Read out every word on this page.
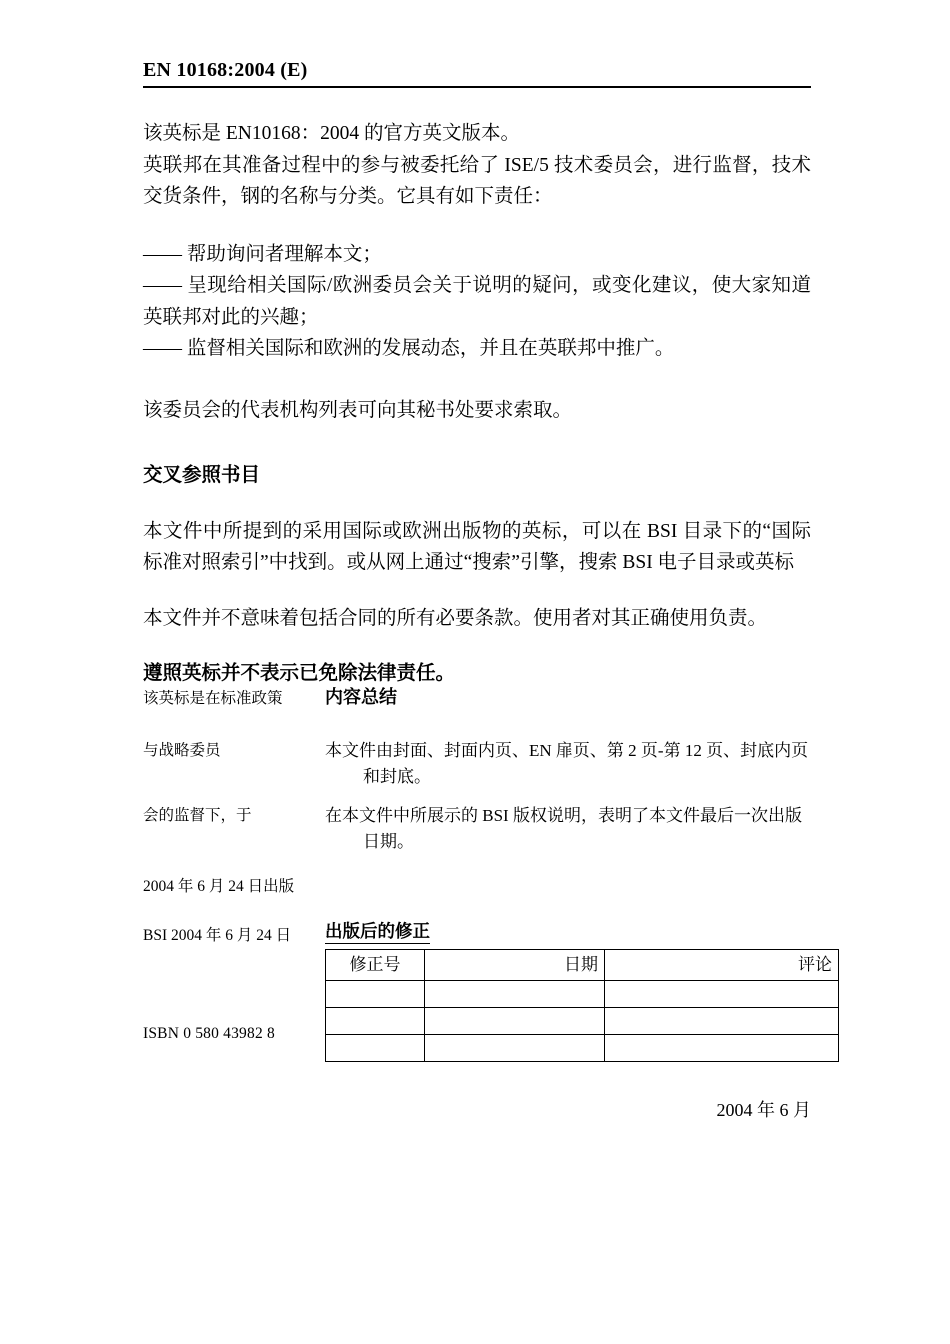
EN 10168:2004 (E)

该英标是 EN10168：2004 的官方英文版本。

英联邦在其准备过程中的参与被委托给了 ISE/5 技术委员会，进行监督，技术交货条件，钢的名称与分类。它具有如下责任：

—— 帮助询问者理解本文；

—— 呈现给相关国际/欧洲委员会关于说明的疑问，或变化建议，使大家知道英联邦对此的兴趣；

—— 监督相关国际和欧洲的发展动态，并且在英联邦中推广。

该委员会的代表机构列表可向其秘书处要求索取。

交叉参照书目

本文件中所提到的采用国际或欧洲出版物的英标，可以在 BSI 目录下的“国际标准对照索引”中找到。或从网上通过“搜索”引擎，搜索 BSI 电子目录或英标
本文件并不意味着包括合同的所有必要条款。使用者对其正确使用负责。

遵照英标并不表示已免除法律责任。

该英标是在标准政策	内容总结
与战略委员	本文件由封面、封面内页、EN 扉页、第 2 页-第 12 页、封底内页和封底。
会的监督下，于	在本文件中所展示的 BSI 版权说明，表明了本文件最后一次出版日期。
2004 年 6 月 24 日出版
BSI 2004 年 6 月 24 日	出版后的修正
修正号	日期	评论

ISBN 0 580 43982 8
2004 年 6 月
